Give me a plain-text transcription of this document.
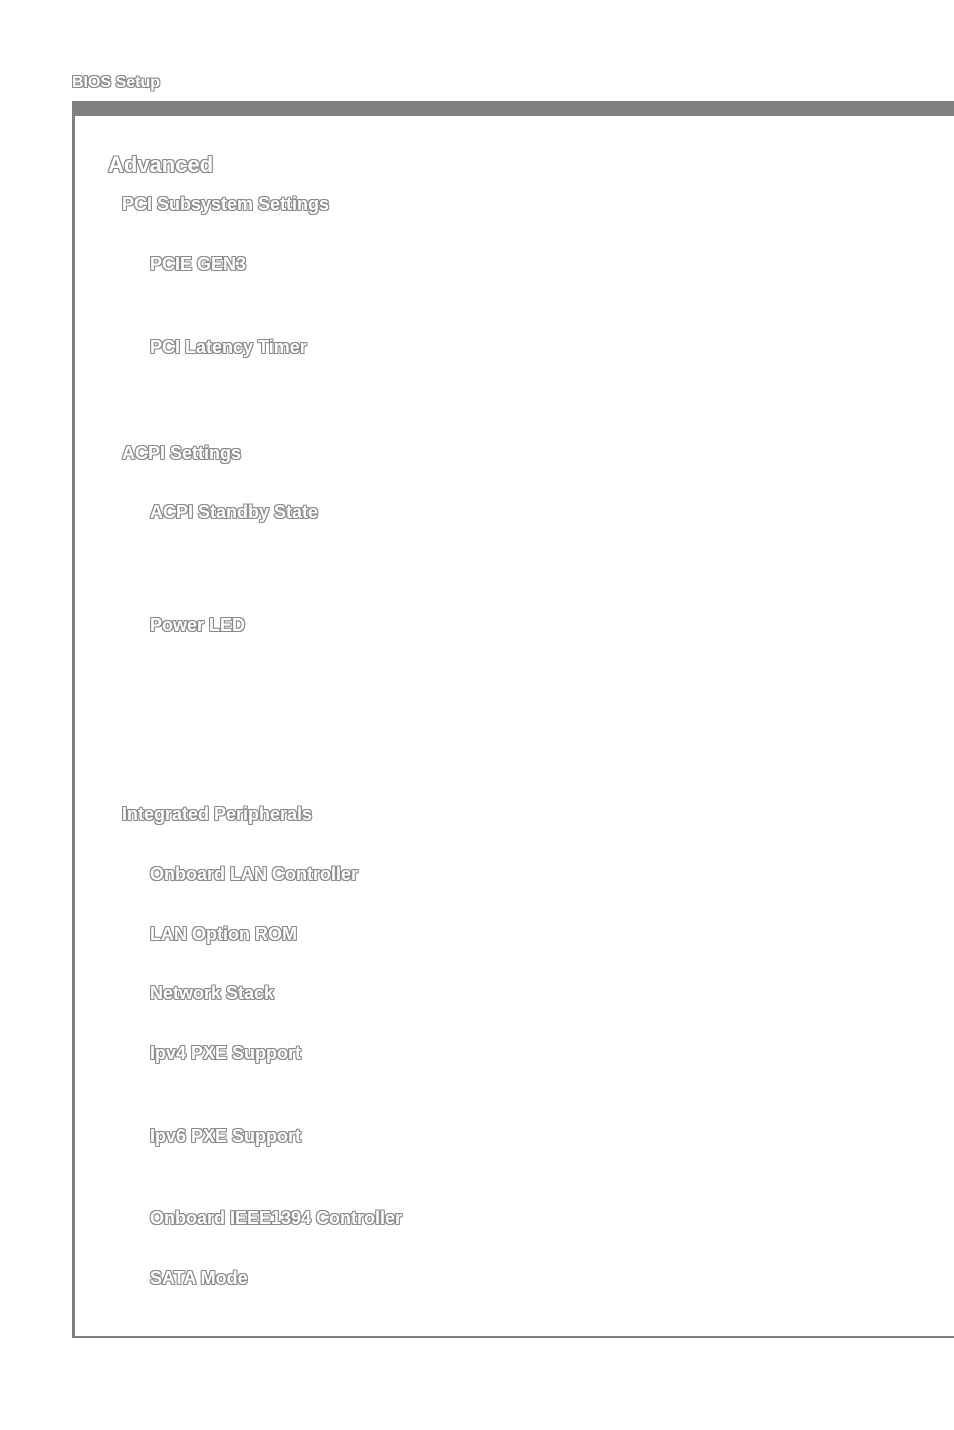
BIOS Setup
Advanced
PCI Subsystem Settings
PCIE GEN3
PCI Latency Timer
ACPI Settings
ACPI Standby State
Power LED
Integrated Peripherals
Onboard LAN Controller
LAN Option ROM
Network Stack
Ipv4 PXE Support
Ipv6 PXE Support
Onboard IEEE1394 Controller
SATA Mode
